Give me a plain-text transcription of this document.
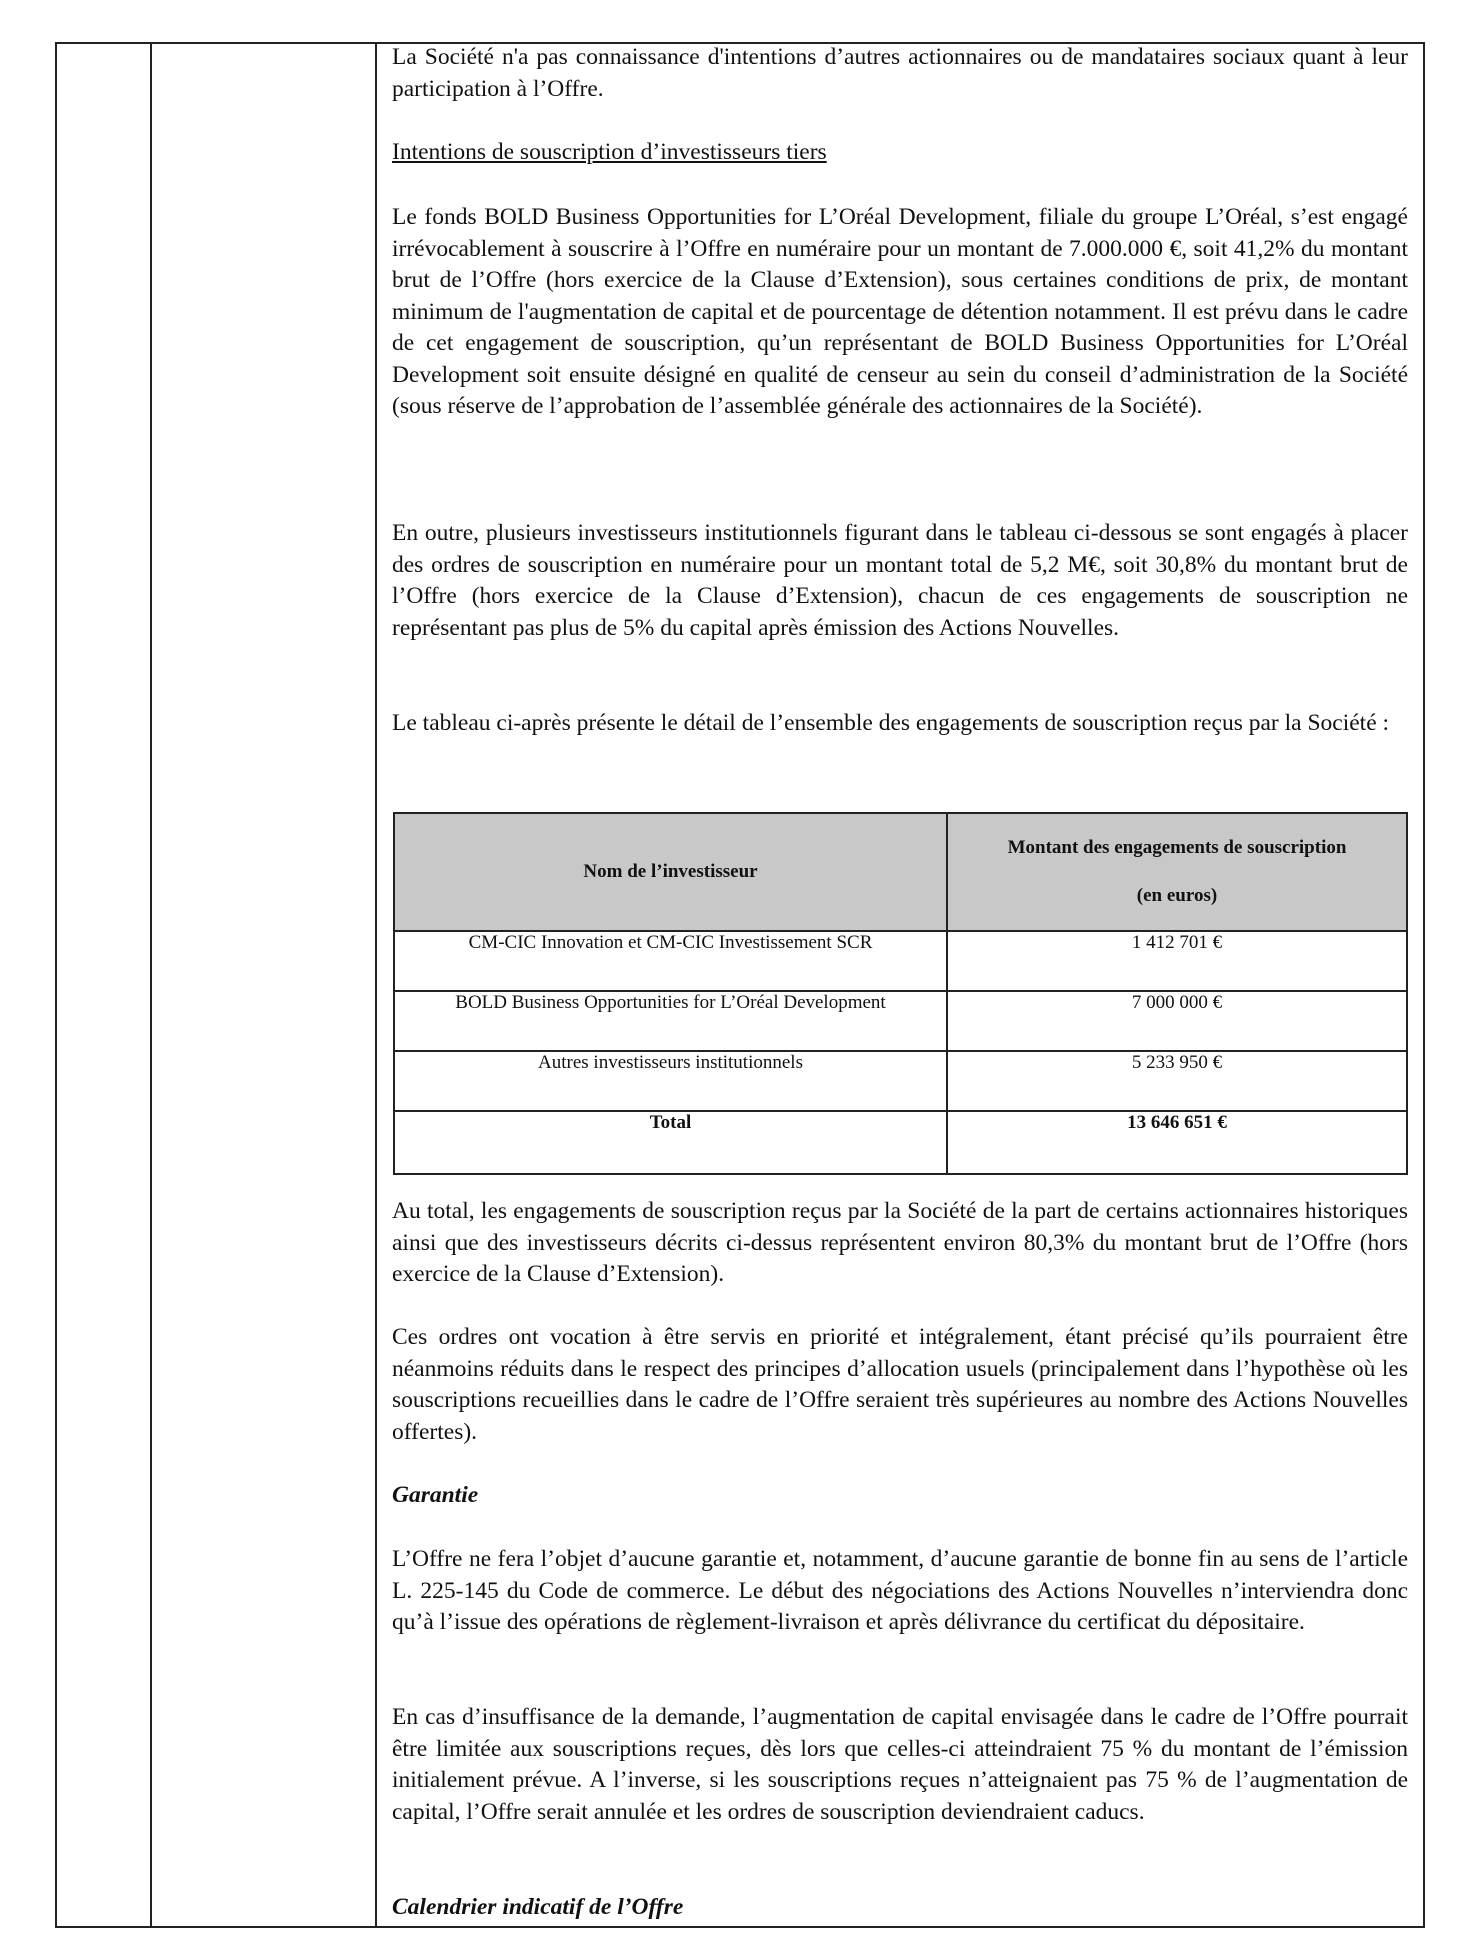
La Société n'a pas connaissance d'intentions d’autres actionnaires ou de mandataires sociaux quant à leur participation à l’Offre.

Intentions de souscription d’investisseurs tiers

Le fonds BOLD Business Opportunities for L’Oréal Development, filiale du groupe L’Oréal, s’est engagé irrévocablement à souscrire à l’Offre en numéraire pour un montant de 7.000.000 €, soit 41,2% du montant brut de l’Offre (hors exercice de la Clause d’Extension), sous certaines conditions de prix, de montant minimum de l'augmentation de capital et de pourcentage de détention notamment. Il est prévu dans le cadre de cet engagement de souscription, qu’un représentant de BOLD Business Opportunities for L’Oréal Development soit ensuite désigné en qualité de censeur au sein du conseil d’administration de la Société (sous réserve de l’approbation de l’assemblée générale des actionnaires de la Société).

En outre, plusieurs investisseurs institutionnels figurant dans le tableau ci-dessous se sont engagés à placer des ordres de souscription en numéraire pour un montant total de 5,2 M€, soit 30,8% du montant brut de l’Offre (hors exercice de la Clause d’Extension), chacun de ces engagements de souscription ne représentant pas plus de 5% du capital après émission des Actions Nouvelles.

Le tableau ci-après présente le détail de l’ensemble des engagements de souscription reçus par la Société :

Au total, les engagements de souscription reçus par la Société de la part de certains actionnaires historiques ainsi que des investisseurs décrits ci-dessus représentent environ 80,3% du montant brut de l’Offre (hors exercice de la Clause d’Extension).

Ces ordres ont vocation à être servis en priorité et intégralement, étant précisé qu’ils pourraient être néanmoins réduits dans le respect des principes d’allocation usuels (principalement dans l’hypothèse où les souscriptions recueillies dans le cadre de l’Offre seraient très supérieures au nombre des Actions Nouvelles offertes).

Garantie

L’Offre ne fera l’objet d’aucune garantie et, notamment, d’aucune garantie de bonne fin au sens de l’article L. 225-145 du Code de commerce. Le début des négociations des Actions Nouvelles n’interviendra donc qu’à l’issue des opérations de règlement-livraison et après délivrance du certificat du dépositaire.

En cas d’insuffisance de la demande, l’augmentation de capital envisagée dans le cadre de l’Offre pourrait être limitée aux souscriptions reçues, dès lors que celles-ci atteindraient 75 % du montant de l’émission initialement prévue. A l’inverse, si les souscriptions reçues n’atteignaient pas 75 % de l’augmentation de capital, l’Offre serait annulée et les ordres de souscription deviendraient caducs.

Calendrier indicatif de l’Offre

Nom de l’investisseur	Montant des engagements de souscription
(en euros)

CM-CIC Innovation et CM-CIC Investissement SCR	1 412 701 €
BOLD Business Opportunities for L’Oréal Development	7 000 000 €
Autres investisseurs institutionnels	5 233 950 €
Total	13 646 651 €
